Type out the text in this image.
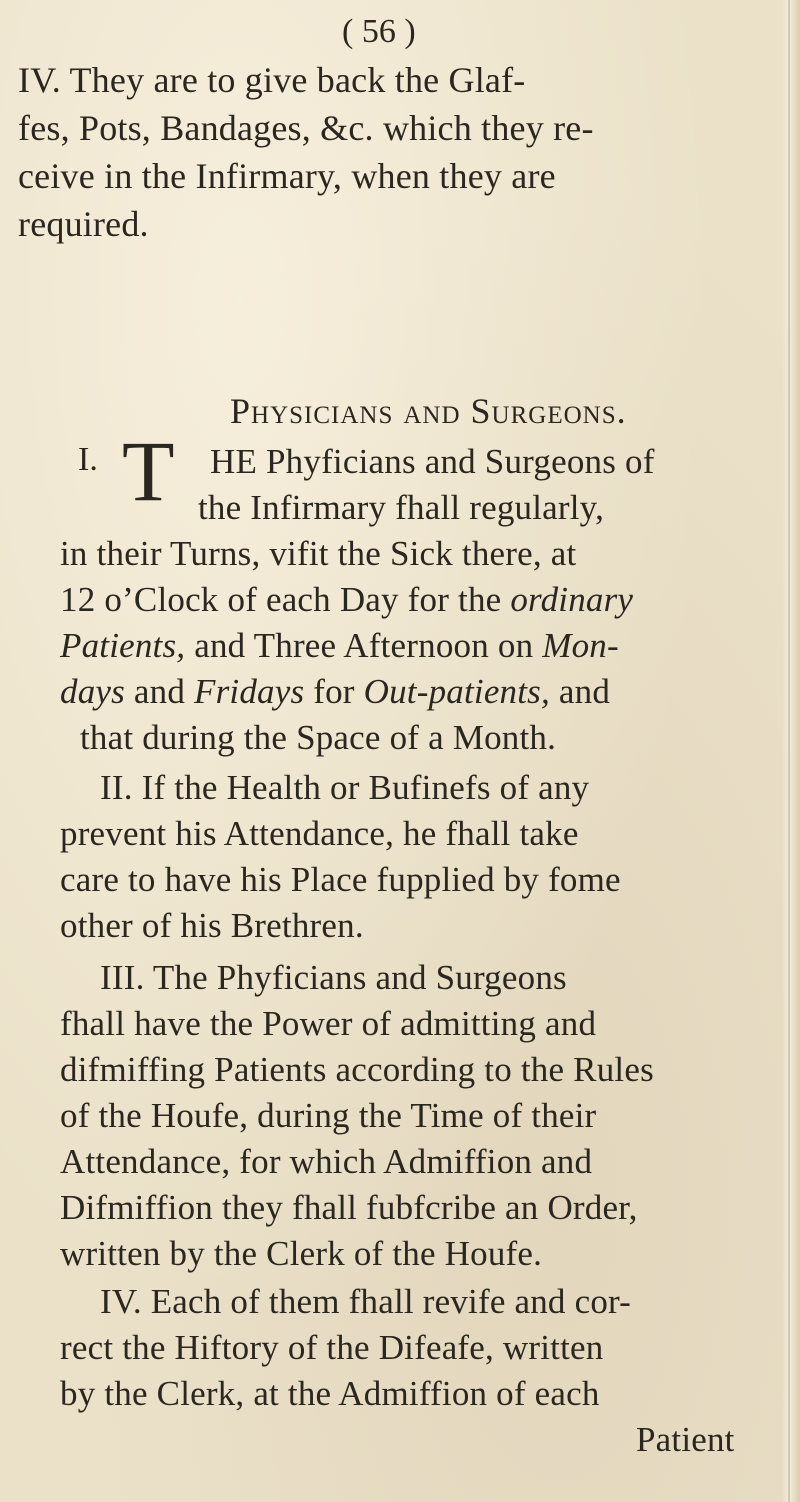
( 56 )
IV. They are to give back the Glaf-
fes, Pots, Bandages, &c. which they re-
ceive in the Infirmary, when they are
required.
Physicians and Surgeons.
I. T HE Phyficians and Surgeons of
the Infirmary fhall regularly,
in their Turns, vifit the Sick there, at
12 o’Clock of each Day for the ordinary
Patients, and Three Afternoon on Mon-
days and Fridays for Out-patients, and
that during the Space of a Month.
II. If the Health or Bufinefs of any
prevent his Attendance, he fhall take
care to have his Place fupplied by fome
other of his Brethren.
III. The Phyficians and Surgeons
fhall have the Power of admitting and
difmiffing Patients according to the Rules
of the Houfe, during the Time of their
Attendance, for which Admiffion and
Difmiffion they fhall fubfcribe an Order,
written by the Clerk of the Houfe.
IV. Each of them fhall revife and cor-
rect the Hiftory of the Difeafe, written
by the Clerk, at the Admiffion of each
Patient
